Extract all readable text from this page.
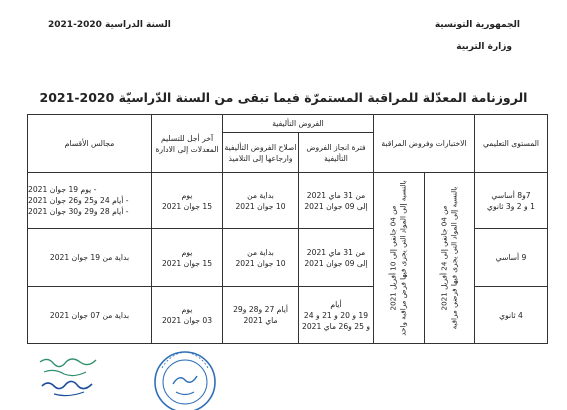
الجمهورية التونسية
وزارة التربية
السنة الدراسية 2020-2021
الروزنامة المعدّلة للمراقبة المستمرّة فيما تبقى من السنة الدّراسيّة 2020-2021
المستوى التعليمي
الاختبارات وفروض المراقبة
الفروض التأليفية
فترة انجاز الفروض
التأليفية
اصلاح الفروض التأليفية
وارجاعها إلى التلاميذ
آخر أجل للتسليم
المعدلات إلى الادارة
مجالس الأقسام
من 04 جانفي إلى 24 أفريل 2021 بالنسبة إلى المواد التي يجرى فيها فرضي مراقبة
من 04 جانفي إلى 10 أفريل 2021 بالنسبة إلى المواد التي يجرى فيها فرض مراقبة واحد	7و8 أساسي
1 و 2 و3 ثانوي
من 31 ماي 2021
إلى 09 جوان 2021
بداية من
10 جوان 2021
يوم
15 جوان 2021
- يوم 19 جوان 2021
- أيام 24 و25 و26 جوان 2021
- أيام 28 و29 و30 جوان 2021
9 أساسي
من 31 ماي 2021
إلى 09 جوان 2021
بداية من
10 جوان 2021
يوم
15 جوان 2021
بداية من 19 جوان 2021
4 ثانوي
أيام
19 و 20 و 21 و 24
و 25 و26 ماي 2021
أيام 27 و28 و29
ماي 2021
يوم
03 جوان 2021
بداية من 07 جوان 2021
